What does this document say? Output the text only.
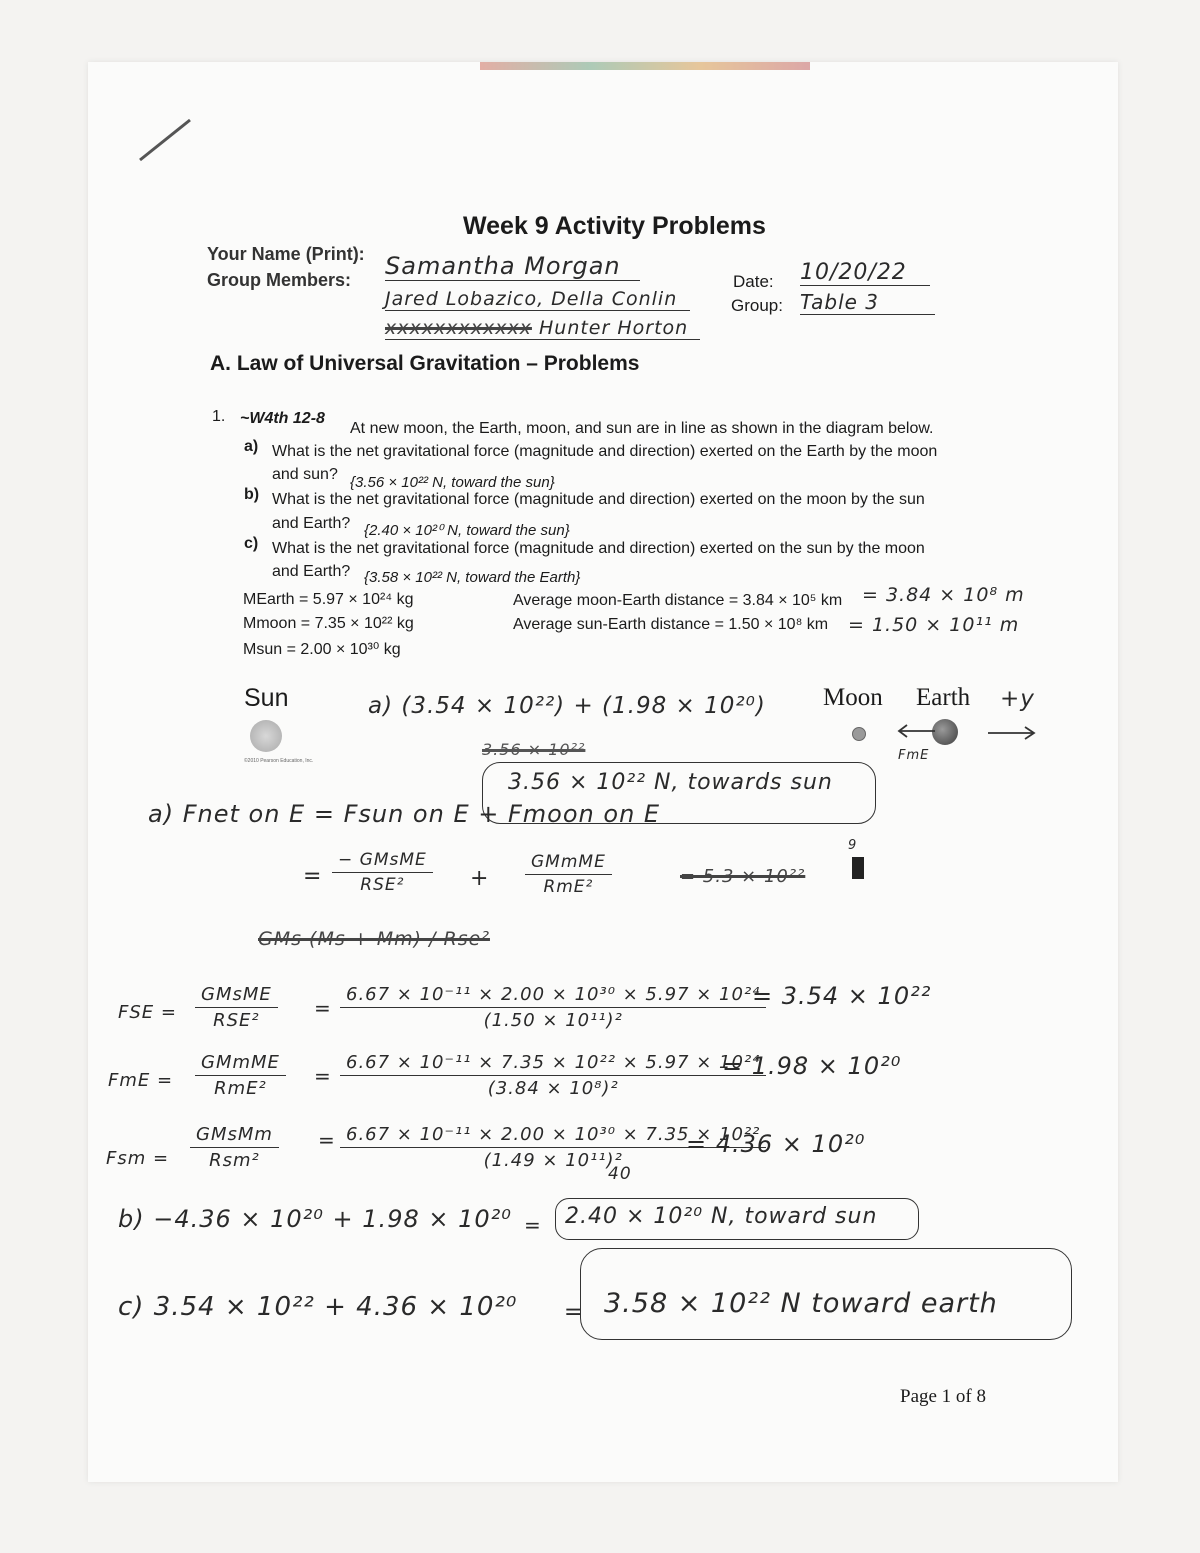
Week 9 Activity Problems
Your Name (Print):
Group Members: Samantha Morgan
Jared Lobazico, Della Conlin
xxxxxxxxxxxx Hunter Horton
Date:
Group:
10/20/22
Table 3
A. Law of Universal Gravitation – Problems
1. ~W4th 12-8
At new moon, the Earth, moon, and sun are in line as shown in the diagram below.
a) What is the net gravitational force (magnitude and direction) exerted on the Earth by the moon
and sun? {3.56 × 10²² N, toward the sun}
b) What is the net gravitational force (magnitude and direction) exerted on the moon by the sun
and Earth? {2.40 × 10²⁰ N, toward the sun}
c) What is the net gravitational force (magnitude and direction) exerted on the sun by the moon
and Earth? {3.58 × 10²² N, toward the Earth}
MEarth = 5.97 × 10²⁴ kg
Mmoon = 7.35 × 10²² kg
Msun = 2.00 × 10³⁰ kg
Average moon-Earth distance = 3.84 × 10⁵ km
Average sun-Earth distance = 1.50 × 10⁸ km
= 3.84 × 10⁸ m
= 1.50 × 10¹¹ m
Sun
©2010 Pearson Education, Inc.
Moon Earth +y
FmE
a) (3.54 × 10²²) + (1.98 × 10²⁰)
3.56 × 10²²
3.56 × 10²² N, towards sun
a) Fnet on E = Fsun on E + Fmoon on E
=
− GMsME
RSE²	+
GMmME
RmE²	= 5.3 × 10²²
9
GMs (Ms + Mm) / Rse²
FSE =
GMsME
RSE²
= $\frac{\text{6.67 × 10⁻¹¹ × 2.00 × 10³⁰ × 5.97 × 10²⁴}}{\text{(1.50 × 10¹¹)²}}$
= 3.54 × 10²²
FmE =
GMmME
RmE²
= $\frac{\text{6.67 × 10⁻¹¹ × 7.35 × 10²² × 5.97 × 10²⁴}}{\text{(3.84 × 10⁸)²}}$
= 1.98 × 10²⁰
Fsm =
GMsMm
Rsm²
= $\frac{\text{6.67 × 10⁻¹¹ × 2.00 × 10³⁰ × 7.35 × 10²²}}{\text{(1.49 × 10¹¹)²}}$
= 4.36 × 10²⁰
40
b) −4.36 × 10²⁰ + 1.98 × 10²⁰ = 2.40 × 10²⁰ N, toward sun
c) 3.54 × 10²² + 4.36 × 10²⁰ = 3.58 × 10²² N toward earth
Page 1 of 8
